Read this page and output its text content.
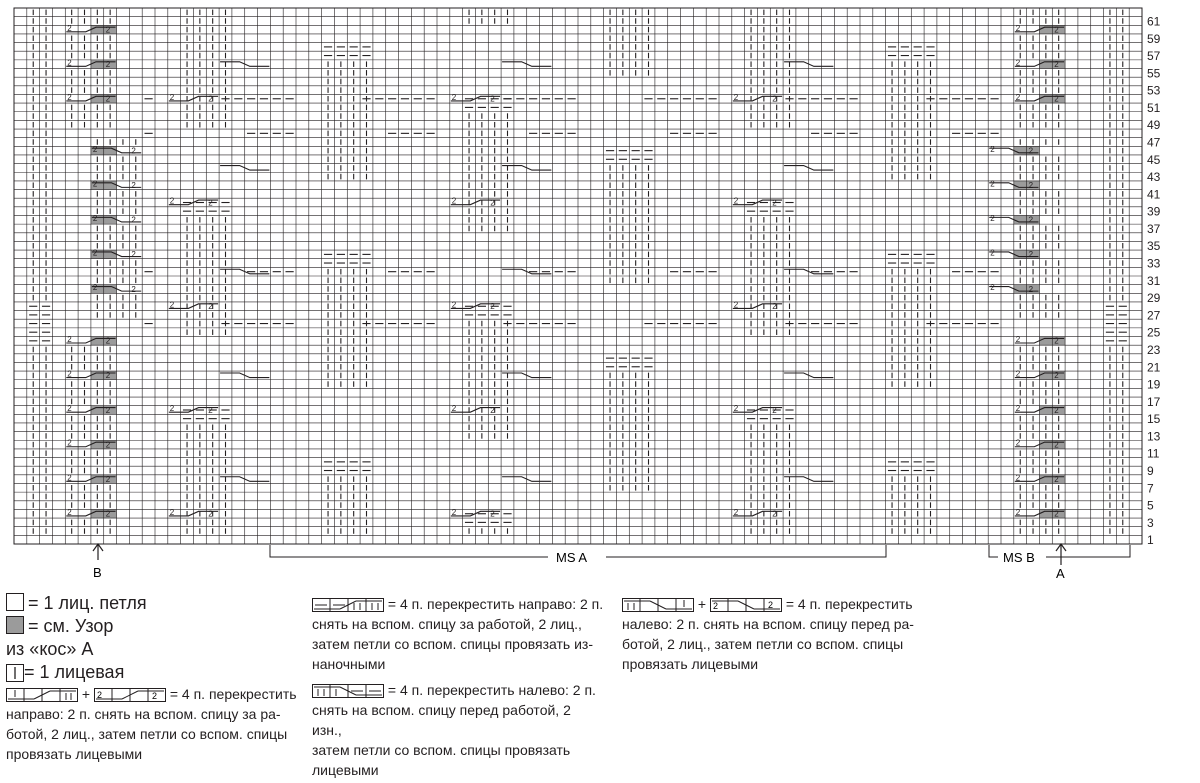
2	2	2	2
2	2	2	2
2	2	2	2
2	2	2	2
2	2	2	2
2	2	2	2
2	2	2	2
2	2	2	2
2	2	2	2
2	2	2	2
2	2	2	2
2	2	2	2
2	2	2	2
2	2	2	2
2	2	2	2	2	2
2	2	2	2	2	2
2	2	2	2	2	2
2	2	2	2	2	2
2	2	2	2	2	2
1
3
5
7
9
11
13
15
17
19
21
23
25
27
29
31
33
35
37
39
41
43
45
47
49
51
53
55
57
59
61
B
MS A	MS B
A
= 1 лиц. петля
= см. Узор
из «кос» А
= 1 лицевая
+ 2	2 = 4 п. перекрестить
направо: 2 п. снять на вспом. спицу за ра-
ботой, 2 лиц., затем петли со вспом. спицы
провязать лицевыми
= 4 п. перекрестить направо: 2 п.
снять на вспом. спицу за работой, 2 лиц.,
затем петли со вспом. спицы провязать из-
наночными
= 4 п. перекрестить налево: 2 п.
снять на вспом. спицу перед работой, 2 изн.,
затем петли со вспом. спицы провязать
лицевыми
+ 2	2 = 4 п. перекрестить
налево: 2 п. снять на вспом. спицу перед ра-
ботой, 2 лиц., затем петли со вспом. спицы
провязать лицевыми
